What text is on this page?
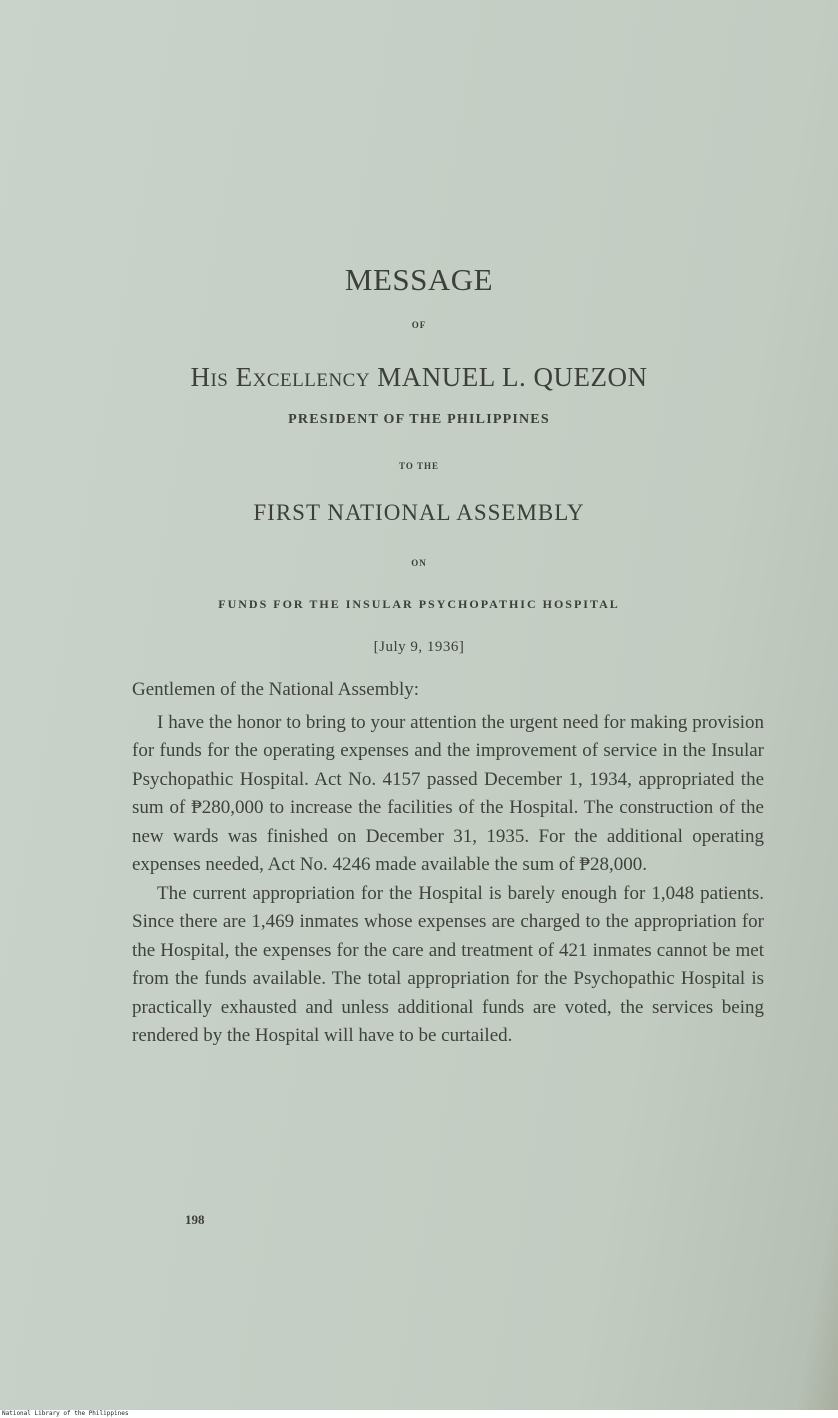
MESSAGE
OF
His Excellency MANUEL L. QUEZON
PRESIDENT OF THE PHILIPPINES
TO THE
FIRST NATIONAL ASSEMBLY
ON
FUNDS FOR THE INSULAR PSYCHOPATHIC HOSPITAL
[July 9, 1936]

Gentlemen of the National Assembly:

I have the honor to bring to your attention the urgent need for making provision for funds for the operating expenses and the improvement of service in the Insular Psychopathic Hospital. Act No. 4157 passed December 1, 1934, appropriated the sum of ₱280,000 to increase the facilities of the Hospital. The construction of the new wards was finished on December 31, 1935. For the additional operating expenses needed, Act No. 4246 made available the sum of ₱28,000.

The current appropriation for the Hospital is barely enough for 1,048 patients. Since there are 1,469 inmates whose expenses are charged to the appropriation for the Hospital, the expenses for the care and treatment of 421 inmates cannot be met from the funds available. The total appropriation for the Psychopathic Hospital is practically exhausted and unless additional funds are voted, the services being rendered by the Hospital will have to be curtailed.

198
National Library of the Philippines
